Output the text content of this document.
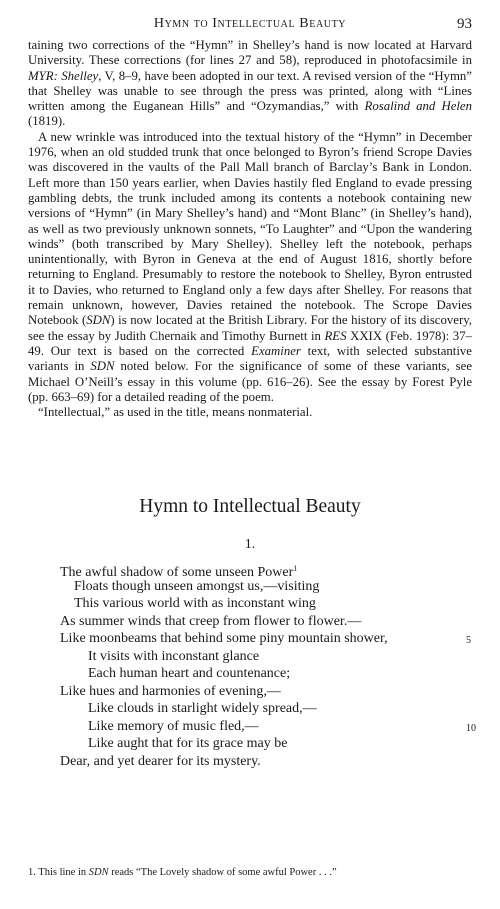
Hymn to Intellectual Beauty	93

taining two corrections of the “Hymn” in Shelley’s hand is now located at Harvard University. These corrections (for lines 27 and 58), reproduced in photofacsimile in MYR: Shelley, V, 8–9, have been adopted in our text. A revised version of the “Hymn” that Shelley was unable to see through the press was printed, along with “Lines written among the Euganean Hills” and “Ozymandias,” with Rosalind and Helen (1819).

A new wrinkle was introduced into the textual history of the “Hymn” in December 1976, when an old studded trunk that once belonged to Byron’s friend Scrope Davies was discovered in the vaults of the Pall Mall branch of Barclay’s Bank in London. Left more than 150 years earlier, when Davies hastily fled England to evade pressing gambling debts, the trunk included among its contents a notebook containing new versions of “Hymn” (in Mary Shelley’s hand) and “Mont Blanc” (in Shelley’s hand), as well as two previously unknown sonnets, “To Laughter” and “Upon the wandering winds” (both transcribed by Mary Shelley). Shelley left the notebook, perhaps unintentionally, with Byron in Geneva at the end of August 1816, shortly before returning to England. Presumably to restore the notebook to Shelley, Byron entrusted it to Davies, who returned to England only a few days after Shelley. For reasons that remain unknown, however, Davies retained the notebook. The Scrope Davies Notebook (SDN) is now located at the British Library. For the history of its discovery, see the essay by Judith Chernaik and Timothy Burnett in RES XXIX (Feb. 1978): 37–49. Our text is based on the corrected Examiner text, with selected substantive variants in SDN noted below. For the significance of some of these variants, see Michael O’Neill’s essay in this volume (pp. 616–26). See the essay by Forest Pyle (pp. 663–69) for a detailed reading of the poem.

“Intellectual,” as used in the title, means nonmaterial.

Hymn to Intellectual Beauty
1.
The awful shadow of some unseen Power$^1$
Floats though unseen amongst us,—visiting
This various world with as inconstant wing
As summer winds that creep from flower to flower.—
Like moonbeams that behind some piny mountain shower,	5
It visits with inconstant glance
Each human heart and countenance;
Like hues and harmonies of evening,—
Like clouds in starlight widely spread,—
Like memory of music fled,—	10
Like aught that for its grace may be
Dear, and yet dearer for its mystery.
1. This line in SDN reads “The Lovely shadow of some awful Power . . .”
